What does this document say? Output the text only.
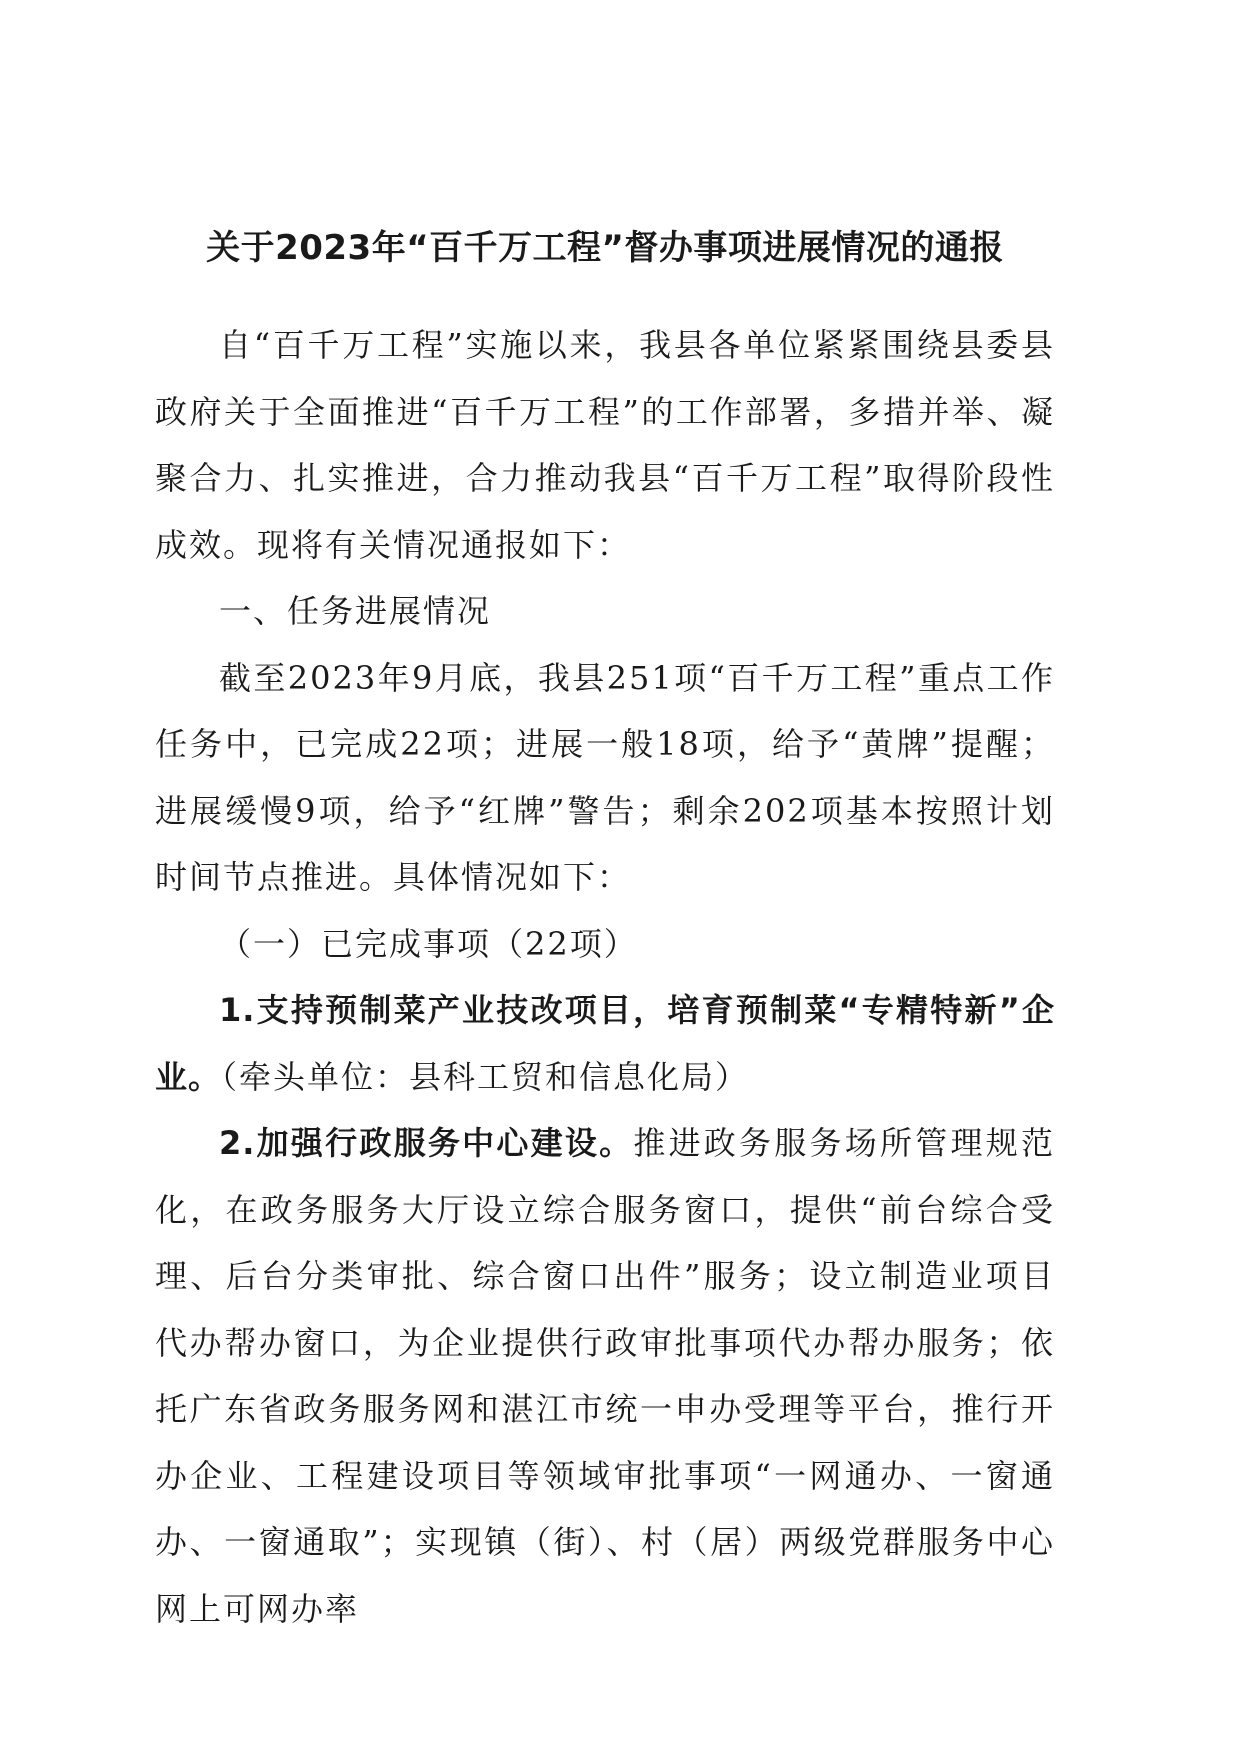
关于2023年“百千万工程”督办事项进展情况的通报

自“百千万工程”实施以来，我县各单位紧紧围绕县委县政府关于全面推进“百千万工程”的工作部署，多措并举、凝聚合力、扎实推进，合力推动我县“百千万工程”取得阶段性成效。现将有关情况通报如下：

一、任务进展情况

截至2023年9月底，我县251项“百千万工程”重点工作任务中，已完成22项；进展一般18项，给予“黄牌”提醒；进展缓慢9项，给予“红牌”警告；剩余202项基本按照计划时间节点推进。具体情况如下：

（一）已完成事项（22项）

1.支持预制菜产业技改项目，培育预制菜“专精特新”企业。（牵头单位：县科工贸和信息化局）

2.加强行政服务中心建设。推进政务服务场所管理规范化，在政务服务大厅设立综合服务窗口，提供“前台综合受理、后台分类审批、综合窗口出件”服务；设立制造业项目代办帮办窗口，为企业提供行政审批事项代办帮办服务；依托广东省政务服务网和湛江市统一申办受理等平台，推行开办企业、工程建设项目等领域审批事项“一网通办、一窗通办、一窗通取”；实现镇（街）、村（居）两级党群服务中心网上可网办率
